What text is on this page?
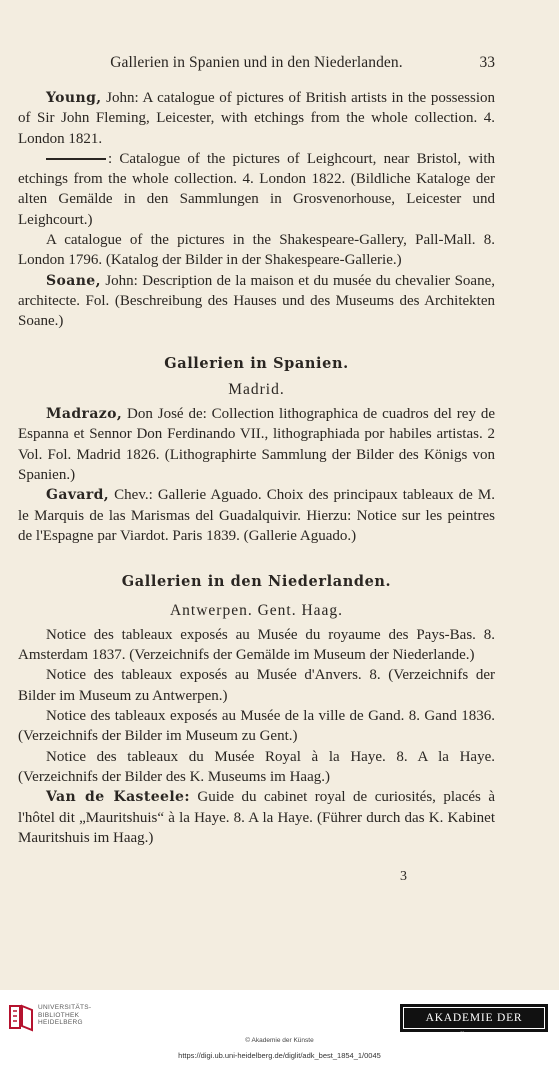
Gallerien in Spanien und in den Niederlanden.	33

Young, John: A catalogue of pictures of British artists in the possession of Sir John Fleming, Leicester, with etchings from the whole collection. 4. London 1821.

: Catalogue of the pictures of Leighcourt, near Bristol, with etchings from the whole collection. 4. London 1822. (Bildliche Kataloge der alten Gemälde in den Sammlungen in Grosvenorhouse, Leicester und Leighcourt.)

A catalogue of the pictures in the Shakespeare-Gallery, Pall-Mall. 8. London 1796. (Katalog der Bilder in der Shakespeare-Gallerie.)

Soane, John: Description de la maison et du musée du chevalier Soane, architecte. Fol. (Beschreibung des Hauses und des Museums des Architekten Soane.)

Gallerien in Spanien.

Madrid.

Madrazo, Don José de: Collection lithographica de cuadros del rey de Espanna et Sennor Don Ferdinando VII., lithographiada por habiles artistas. 2 Vol. Fol. Madrid 1826. (Lithographirte Sammlung der Bilder des Königs von Spanien.)

Gavard, Chev.: Gallerie Aguado. Choix des principaux tableaux de M. le Marquis de las Marismas del Guadalquivir. Hierzu: Notice sur les peintres de l'Espagne par Viardot. Paris 1839. (Gallerie Aguado.)

Gallerien in den Niederlanden.

Antwerpen. Gent. Haag.

Notice des tableaux exposés au Musée du royaume des Pays-Bas. 8. Amsterdam 1837. (Verzeichnifs der Gemälde im Museum der Niederlande.)

Notice des tableaux exposés au Musée d'Anvers. 8. (Verzeichnifs der Bilder im Museum zu Antwerpen.)

Notice des tableaux exposés au Musée de la ville de Gand. 8. Gand 1836. (Verzeichnifs der Bilder im Museum zu Gent.)

Notice des tableaux du Musée Royal à la Haye. 8. A la Haye. (Verzeichnifs der Bilder des K. Museums im Haag.)

Van de Kasteele: Guide du cabinet royal de curiosités, placés à l'hôtel dit „Mauritshuis“ à la Haye. 8. A la Haye. (Führer durch das K. Kabinet Mauritshuis im Haag.)

3
UNIVERSITÄTS-
BIBLIOTHEK
HEIDELBERG	AKADEMIE DER KÜNSTE
© Akademie der Künste
https://digi.ub.uni-heidelberg.de/diglit/adk_best_1854_1/0045
